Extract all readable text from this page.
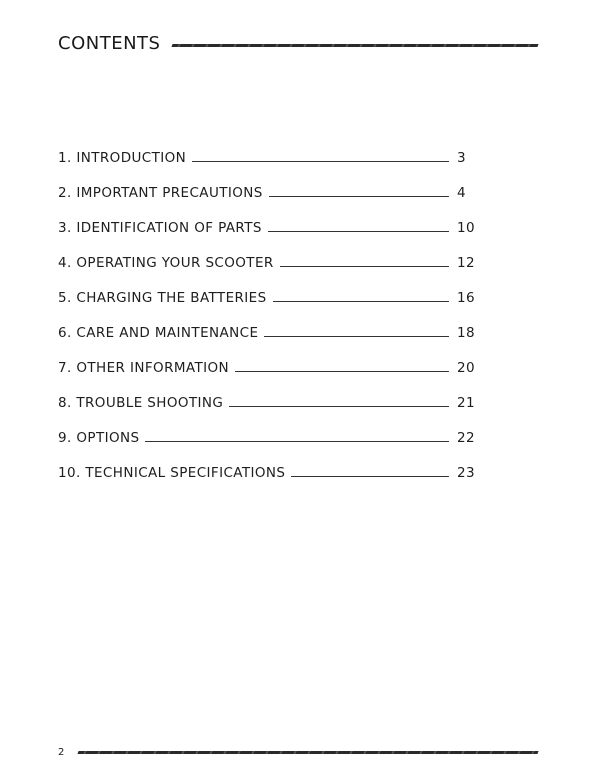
CONTENTS
1. INTRODUCTION	3
2. IMPORTANT PRECAUTIONS	4
3. IDENTIFICATION OF PARTS	10
4. OPERATING YOUR SCOOTER	12
5. CHARGING THE BATTERIES	16
6. CARE AND MAINTENANCE	18
7. OTHER INFORMATION	20
8. TROUBLE SHOOTING	21
9. OPTIONS	22
10. TECHNICAL SPECIFICATIONS	23
2
